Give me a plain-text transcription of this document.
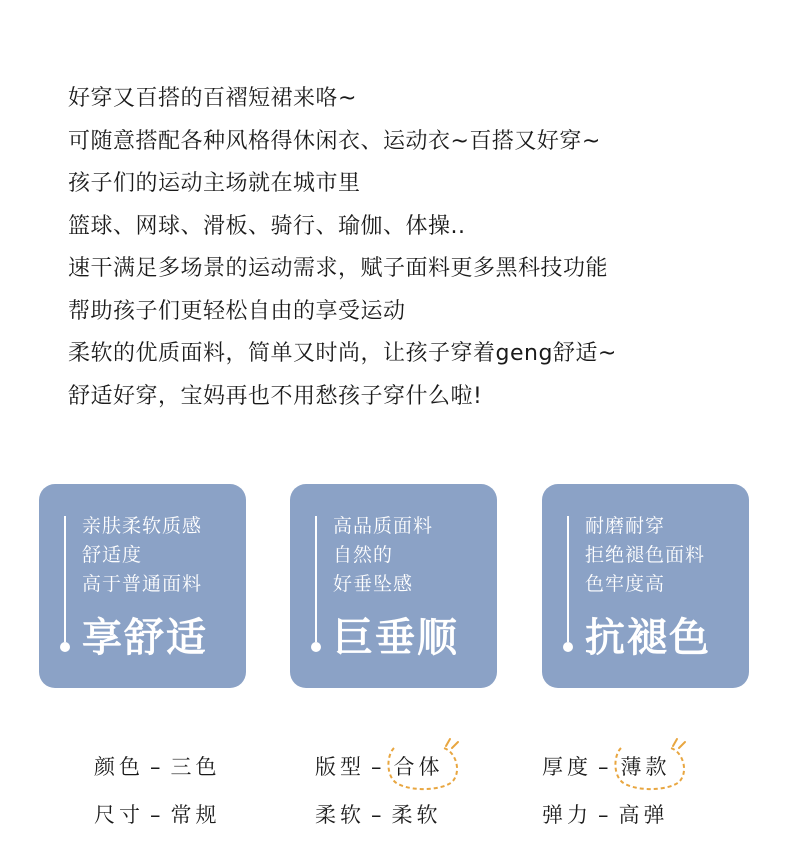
好穿又百搭的百褶短裙来咯~
可随意搭配各种风格得休闲衣、运动衣~百搭又好穿~
孩子们的运动主场就在城市里
篮球、网球、滑板、骑行、瑜伽、体操..
速干满足多场景的运动需求，赋子面料更多黑科技功能
帮助孩子们更轻松自由的享受运动
柔软的优质面料，简单又时尚，让孩子穿着geng舒适~
舒适好穿，宝妈再也不用愁孩子穿什么啦!
亲肤柔软质感
舒适度
高于普通面料
享舒适
高品质面料
自然的
好垂坠感
巨垂顺
耐磨耐穿
拒绝褪色面料
色牢度高
抗褪色
颜色 – 三色	版型 – 合体	厚度 – 薄款
尺寸 – 常规	柔软 – 柔软	弹力 – 高弹
